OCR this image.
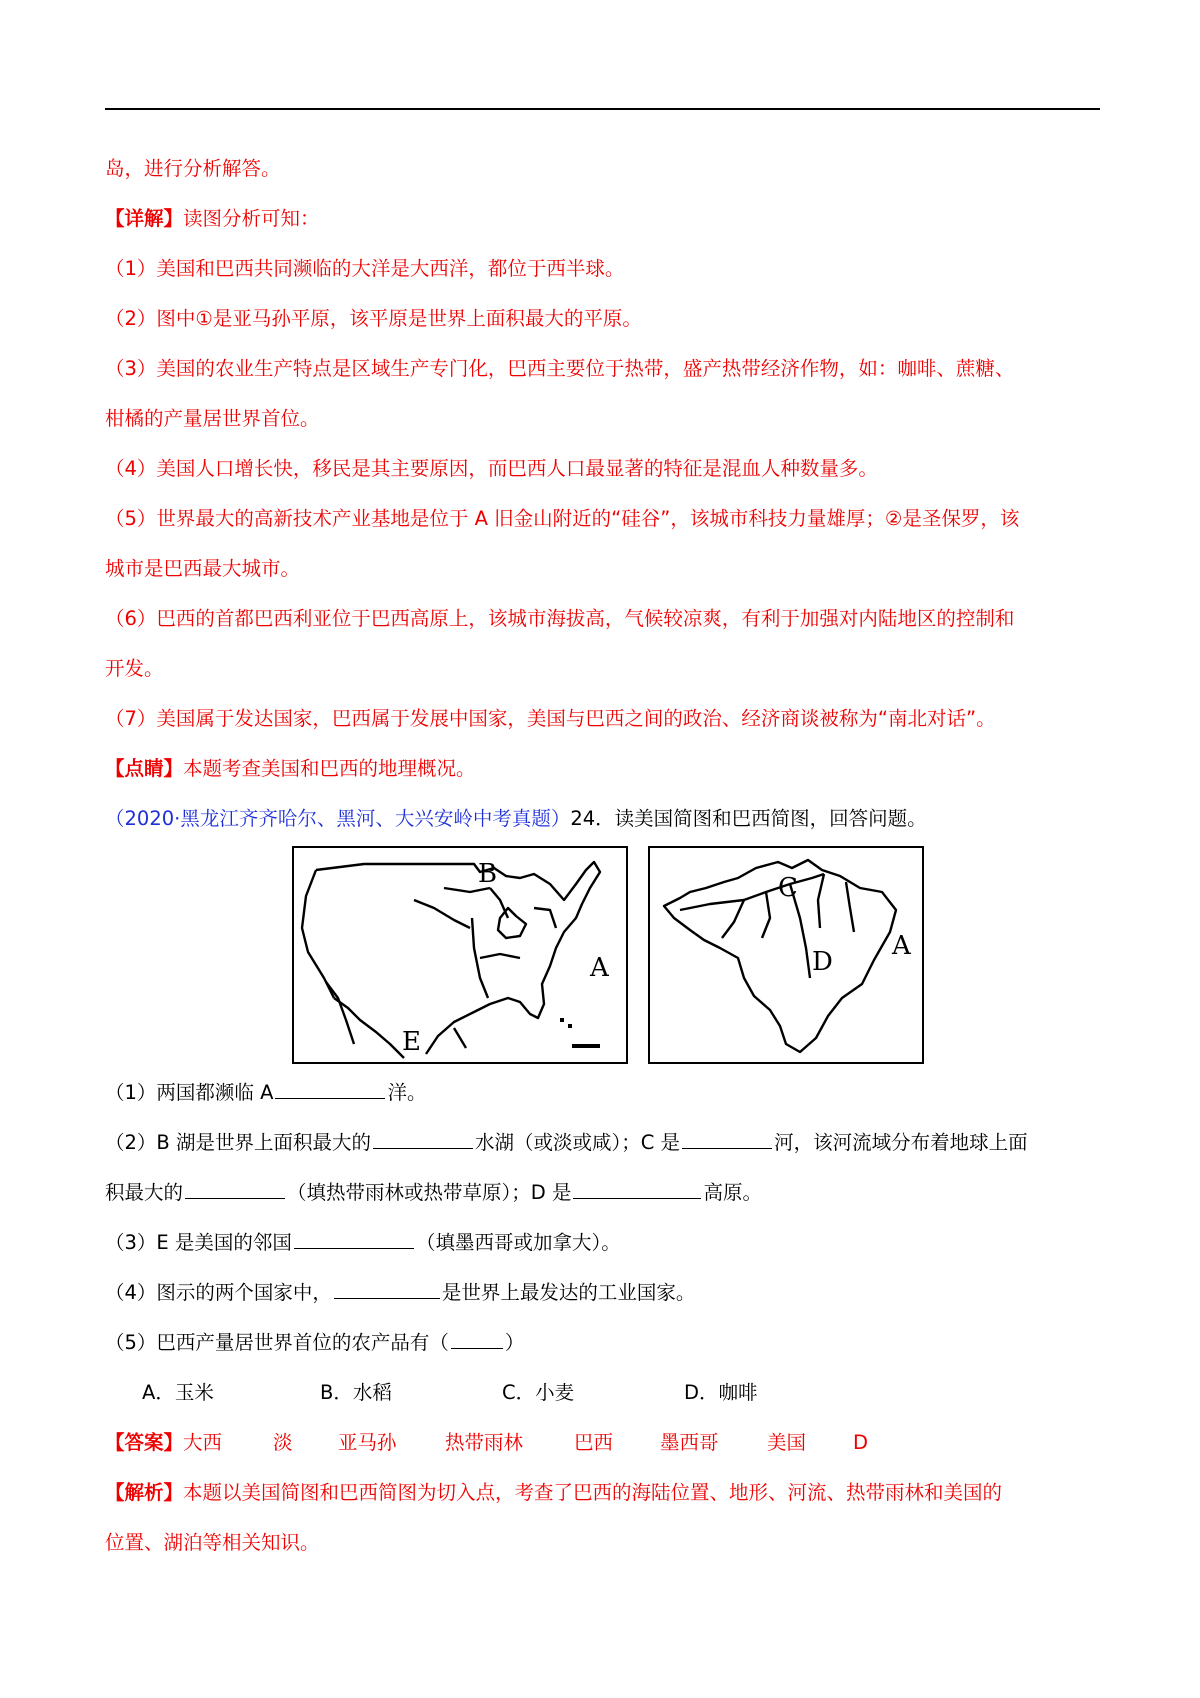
岛，进行分析解答。
【详解】读图分析可知：
（1）美国和巴西共同濒临的大洋是大西洋，都位于西半球。
（2）图中①是亚马孙平原，该平原是世界上面积最大的平原。
（3）美国的农业生产特点是区域生产专门化，巴西主要位于热带，盛产热带经济作物，如：咖啡、蔗糖、
柑橘的产量居世界首位。
（4）美国人口增长快，移民是其主要原因，而巴西人口最显著的特征是混血人种数量多。
（5）世界最大的高新技术产业基地是位于 A 旧金山附近的“硅谷”，该城市科技力量雄厚；②是圣保罗，该
城市是巴西最大城市。
（6）巴西的首都巴西利亚位于巴西高原上，该城市海拔高，气候较凉爽，有利于加强对内陆地区的控制和
开发。
（7）美国属于发达国家，巴西属于发展中国家，美国与巴西之间的政治、经济商谈被称为“南北对话”。
【点睛】本题考查美国和巴西的地理概况。
（2020·黑龙江齐齐哈尔、黑河、大兴安岭中考真题）24．读美国简图和巴西简图，回答问题。
B
A
E
C
D
A
（1）两国都濒临 A	洋。
（2）B 湖是世界上面积最大的	水湖（或淡或咸）；C 是	河，该河流域分布着地球上面
积最大的	（填热带雨林或热带草原）；D 是	高原。
（3）E 是美国的邻国	（填墨西哥或加拿大）。
（4）图示的两个国家中，	是世界上最发达的工业国家。
（5）巴西产量居世界首位的农产品有（	）
A．玉米	B．水稻	C．小麦	D．咖啡
【答案】大西	淡 亚马孙 热带雨林	巴西 墨西哥 美国 D
【解析】本题以美国简图和巴西简图为切入点，考查了巴西的海陆位置、地形、河流、热带雨林和美国的
位置、湖泊等相关知识。
